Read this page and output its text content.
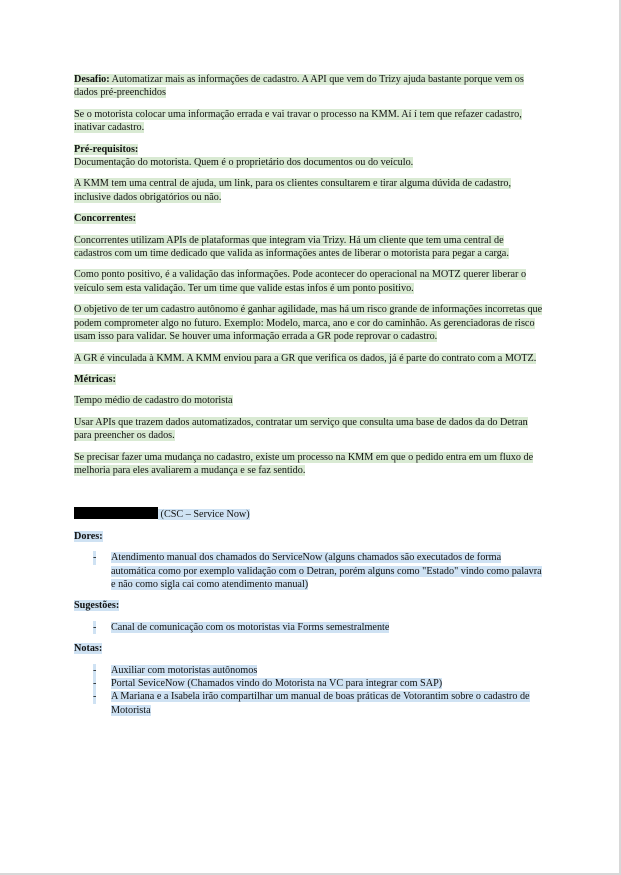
Desafio: Automatizar mais as informações de cadastro. A API que vem do Trizy ajuda bastante porque vem os dados pré-preenchidos

Se o motorista colocar uma informação errada e vai travar o processo na KMM. Aí í tem que refazer cadastro, inativar cadastro.

Pré-requisitos:
Documentação do motorista. Quem é o proprietário dos documentos ou do veículo.

A KMM tem uma central de ajuda, um link, para os clientes consultarem e tirar alguma dúvida de cadastro, inclusive dados obrigatórios ou não.

Concorrentes:

Concorrentes utilizam APIs de plataformas que integram via Trizy. Há um cliente que tem uma central de cadastros com um time dedicado que valida as informações antes de liberar o motorista para pegar a carga.

Como ponto positivo, é a validação das informações. Pode acontecer do operacional na MOTZ querer liberar o veículo sem esta validação. Ter um time que valide estas infos é um ponto positivo.

O objetivo de ter um cadastro autônomo é ganhar agilidade, mas há um risco grande de informações incorretas que podem comprometer algo no futuro. Exemplo: Modelo, marca, ano e cor do caminhão. As gerenciadoras de risco usam isso para validar. Se houver uma informação errada a GR pode reprovar o cadastro.

A GR é vinculada à KMM. A KMM enviou para a GR que verifica os dados, já é parte do contrato com a MOTZ.

Métricas:

Tempo médio de cadastro do motorista

Usar APIs que trazem dados automatizados, contratar um serviço que consulta uma base de dados da do Detran para preencher os dados.

Se precisar fazer uma mudança no cadastro, existe um processo na KMM em que o pedido entra em um fluxo de melhoria para eles avaliarem a mudança e se faz sentido.

(CSC – Service Now)

Dores:

- Atendimento manual dos chamados do ServiceNow (alguns chamados são executados de forma automática como por exemplo validação com o Detran, porém alguns como "Estado" vindo como palavra e não como sigla cai como atendimento manual)

Sugestões:

- Canal de comunicação com os motoristas via Forms semestralmente

Notas:

- Auxiliar com motoristas autônomos
- Portal SeviceNow (Chamados vindo do Motorista na VC para integrar com SAP)
- A Mariana e a Isabela irão compartilhar um manual de boas práticas de Votorantim sobre o cadastro de Motorista
